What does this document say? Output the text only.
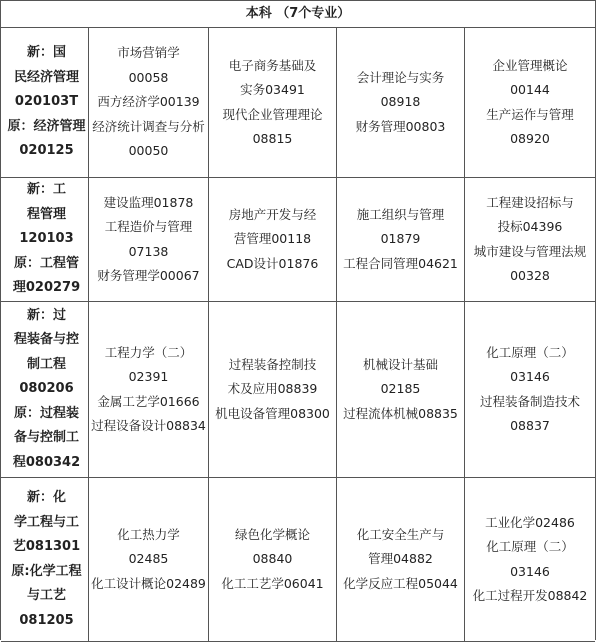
本科 （7个专业）
新：国
民经济管理
020103T
原：经济管理
020125
市场营销学
00058
西方经济学00139
经济统计调查与分析
00050
电子商务基础及
实务03491
现代企业管理理论
08815
会计理论与实务
08918
财务管理00803
企业管理概论
00144
生产运作与管理
08920
新：工
程管理
120103
原：工程管
理020279
建设监理01878
工程造价与管理
07138
财务管理学00067
房地产开发与经
营管理00118
CAD设计01876
施工组织与管理
01879
工程合同管理04621
工程建设招标与
投标04396
城市建设与管理法规
00328
新：过
程装备与控
制工程
080206
原：过程装
备与控制工
程080342
工程力学（二）
02391
金属工艺学01666
过程设备设计08834
过程装备控制技
术及应用08839
机电设备管理08300
机械设计基础
02185
过程流体机械08835
化工原理（二）
03146
过程装备制造技术
08837
新：化
学工程与工
艺081301
原:化学工程
与工艺
081205
化工热力学
02485
化工设计概论02489
绿色化学概论
08840
化工工艺学06041
化工安全生产与
管理04882
化学反应工程05044
工业化学02486
化工原理（二）
03146
化工过程开发08842
